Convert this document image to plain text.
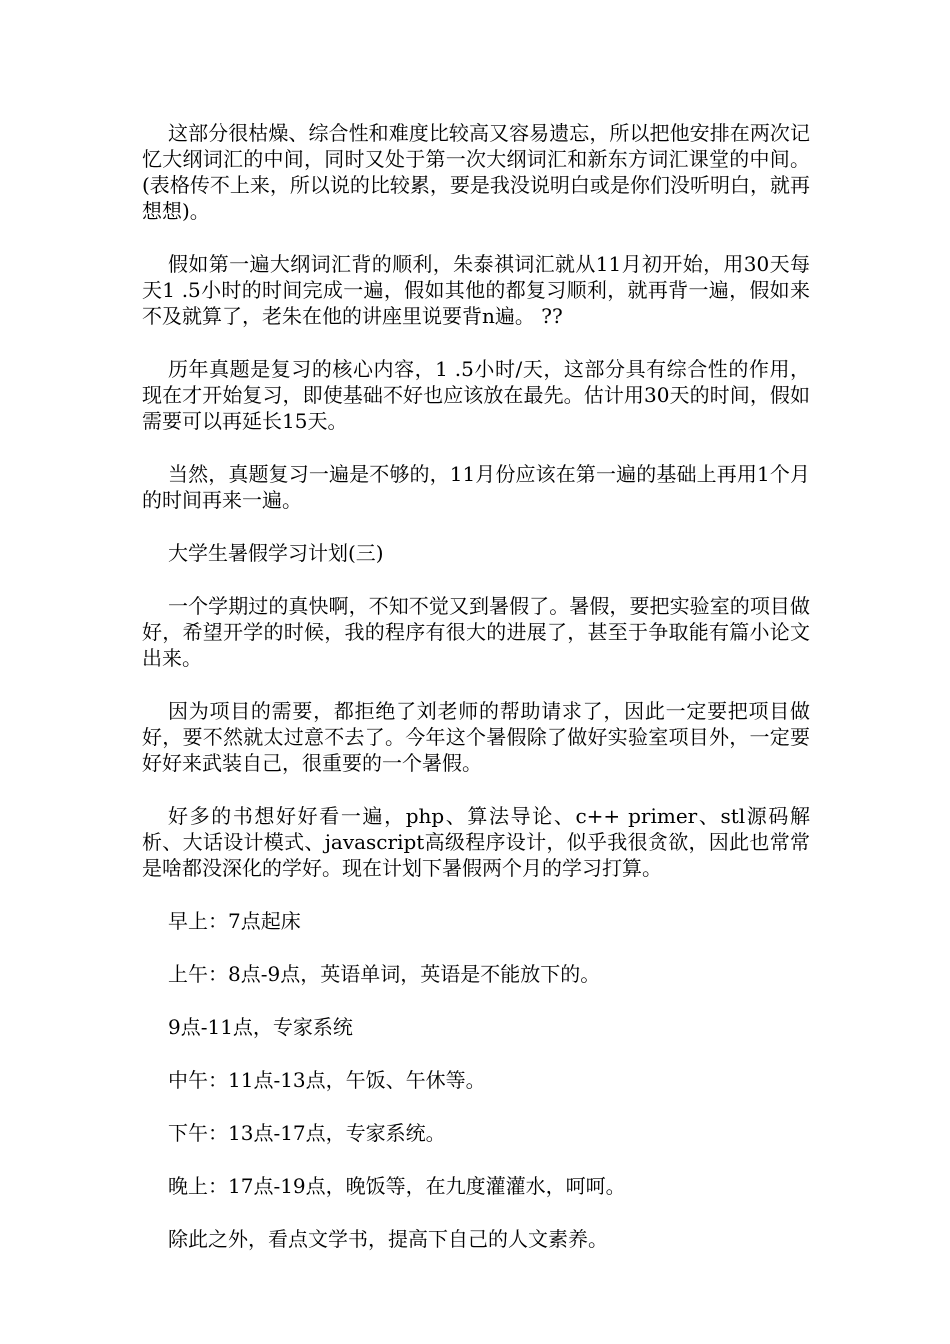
这部分很枯燥、综合性和难度比较高又容易遗忘，所以把他安排在两次记忆大纲词汇的中间，同时又处于第一次大纲词汇和新东方词汇课堂的中间。(表格传不上来，所以说的比较累，要是我没说明白或是你们没听明白，就再想想)。

假如第一遍大纲词汇背的顺利，朱泰祺词汇就从11月初开始，用30天每天1 .5小时的时间完成一遍，假如其他的都复习顺利，就再背一遍，假如来不及就算了，老朱在他的讲座里说要背n遍。 ??

历年真题是复习的核心内容，1 .5小时/天，这部分具有综合性的作用，现在才开始复习，即使基础不好也应该放在最先。估计用30天的时间，假如需要可以再延长15天。

当然，真题复习一遍是不够的，11月份应该在第一遍的基础上再用1个月的时间再来一遍。

大学生暑假学习计划(三)

一个学期过的真快啊，不知不觉又到暑假了。暑假，要把实验室的项目做好，希望开学的时候，我的程序有很大的进展了，甚至于争取能有篇小论文出来。

因为项目的需要，都拒绝了刘老师的帮助请求了，因此一定要把项目做好，要不然就太过意不去了。今年这个暑假除了做好实验室项目外，一定要好好来武装自己，很重要的一个暑假。

好多的书想好好看一遍，php、算法导论、c++ primer、stl源码解析、大话设计模式、javascript高级程序设计，似乎我很贪欲，因此也常常是啥都没深化的学好。现在计划下暑假两个月的学习打算。

早上：7点起床

上午：8点-9点，英语单词，英语是不能放下的。

9点-11点，专家系统

中午：11点-13点，午饭、午休等。

下午：13点-17点，专家系统。

晚上：17点-19点，晚饭等，在九度灌灌水，呵呵。

除此之外，看点文学书，提高下自己的人文素养。
